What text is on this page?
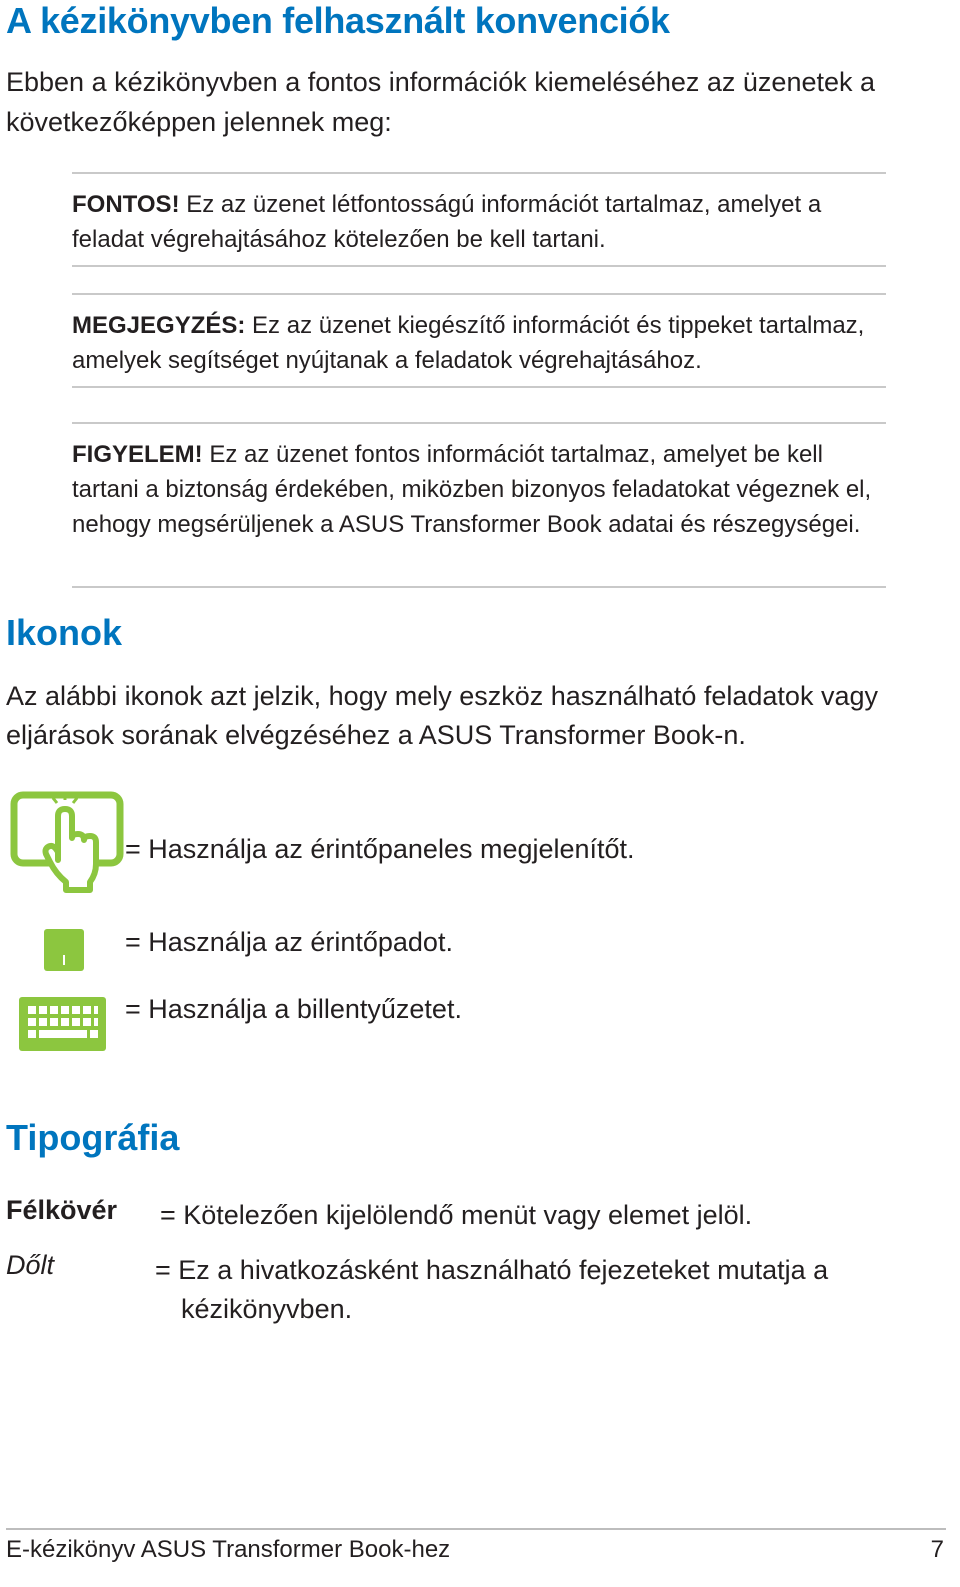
A kézikönyvben felhasznált konvenciók
Ebben a kézikönyvben a fontos információk kiemeléséhez az üzenetek a következőképpen jelennek meg:
FONTOS! Ez az üzenet létfontosságú információt tartalmaz, amelyet a feladat végrehajtásához kötelezően be kell tartani.
MEGJEGYZÉS: Ez az üzenet kiegészítő információt és tippeket tartalmaz, amelyek segítséget nyújtanak a feladatok végrehajtásához.
FIGYELEM! Ez az üzenet fontos információt tartalmaz, amelyet be kell tartani a biztonság érdekében, miközben bizonyos feladatokat végeznek el, nehogy megsérüljenek a ASUS Transformer Book adatai és részegységei.
Ikonok
Az alábbi ikonok azt jelzik, hogy mely eszköz használható feladatok vagy eljárások sorának elvégzéséhez a ASUS Transformer Book-n.
= Használja az érintőpaneles megjelenítőt.
= Használja az érintőpadot.
= Használja a billentyűzetet.
Tipográfia
Félkövér = Kötelezően kijelölendő menüt vagy elemet jelöl.
Dőlt	= Ez a hivatkozásként használható fejezeteket mutatja a
kézikönyvben.
E-kézikönyv ASUS Transformer Book-hez	7
